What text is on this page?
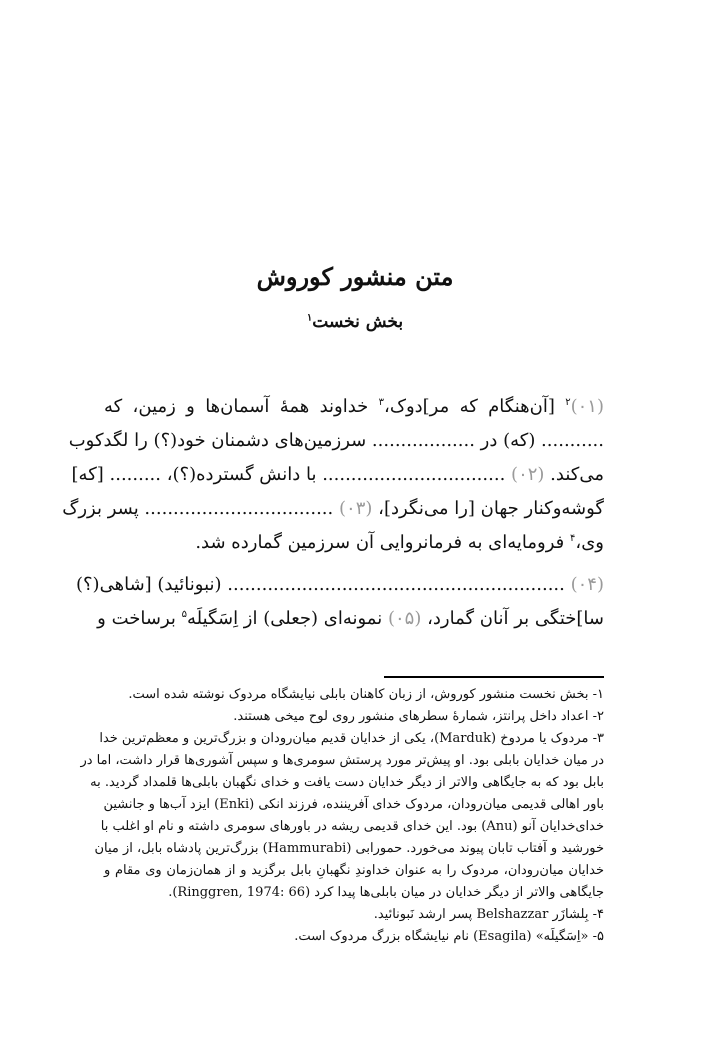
متن منشور کوروش
بخش نخست$^۱$
(۰۱)$^۲$ [آن‌هنگام که مر]دوک،$^۳$ خداوند همهٔ آسمان‌ها و زمین، که
........... (که) در .................. سرزمین‌های دشمنان خود(؟) را لگدکوب
می‌کند. (۰۲) ................................ با دانش گسترده(؟)، ......... [که]
گوشه‌وکنار جهان [را می‌نگرد]، (۰۳) ................................. پسر بزرگ
وی،$^۴$ فرومایه‌ای به فرمانروایی آن سرزمین گمارده شد.
(۰۴) ........................................................... (نبونائید) [شاهی(؟)
سا]ختگی بر آنان گمارد، (۰۵) نمونه‌ای (جعلی) از اِسَگیلَه$^۵$ برساخت و
۱- بخش نخست منشور کوروش، از زبان کاهنان بابلی نیایشگاه مردوک نوشته شده است.
۲- اعداد داخل پرانتز، شمارهٔ سطرهای منشور روی لوح میخی هستند.
۳- مردوک یا مردوخ (Marduk)، یکی از خدایان قدیم میان‌رودان و بزرگ‌ترین و معظم‌ترین خدا
در میان خدایان بابلی بود. او پیش‌تر مورد پرستش سومری‌ها و سپس آشوری‌ها قرار داشت، اما در
بابل بود که به جایگاهی والاتر از دیگر خدایان دست یافت و خدای نگهبان بابلی‌ها قلمداد گردید. به
باور اهالی قدیمی میان‌رودان، مردوک خدای آفریننده، فرزند انکی (Enki) ایزد آب‌ها و جانشین
خدای‌خدایان آنو (Anu) بود. این خدای قدیمی ریشه در باورهای سومری داشته و نام او اغلب با
خورشید و آفتاب تابان پیوند می‌خورد. حمورابی (Hammurabi) بزرگ‌ترین پادشاه بابل، از میان
خدایان میان‌رودان، مردوک را به عنوان خداوندِ نگهبانِ بابل برگزید و از همان‌زمان وی مقام و
جایگاهی والاتر از دیگر خدایان در میان بابلی‌ها پیدا کرد (Ringgren, 1974: 66).
۴- بِلشازَر Belshazzar پسر ارشد نَبونائید.
۵- «اِسَگیلَه» (Esagila) نام نیایشگاه بزرگ مردوک است.
